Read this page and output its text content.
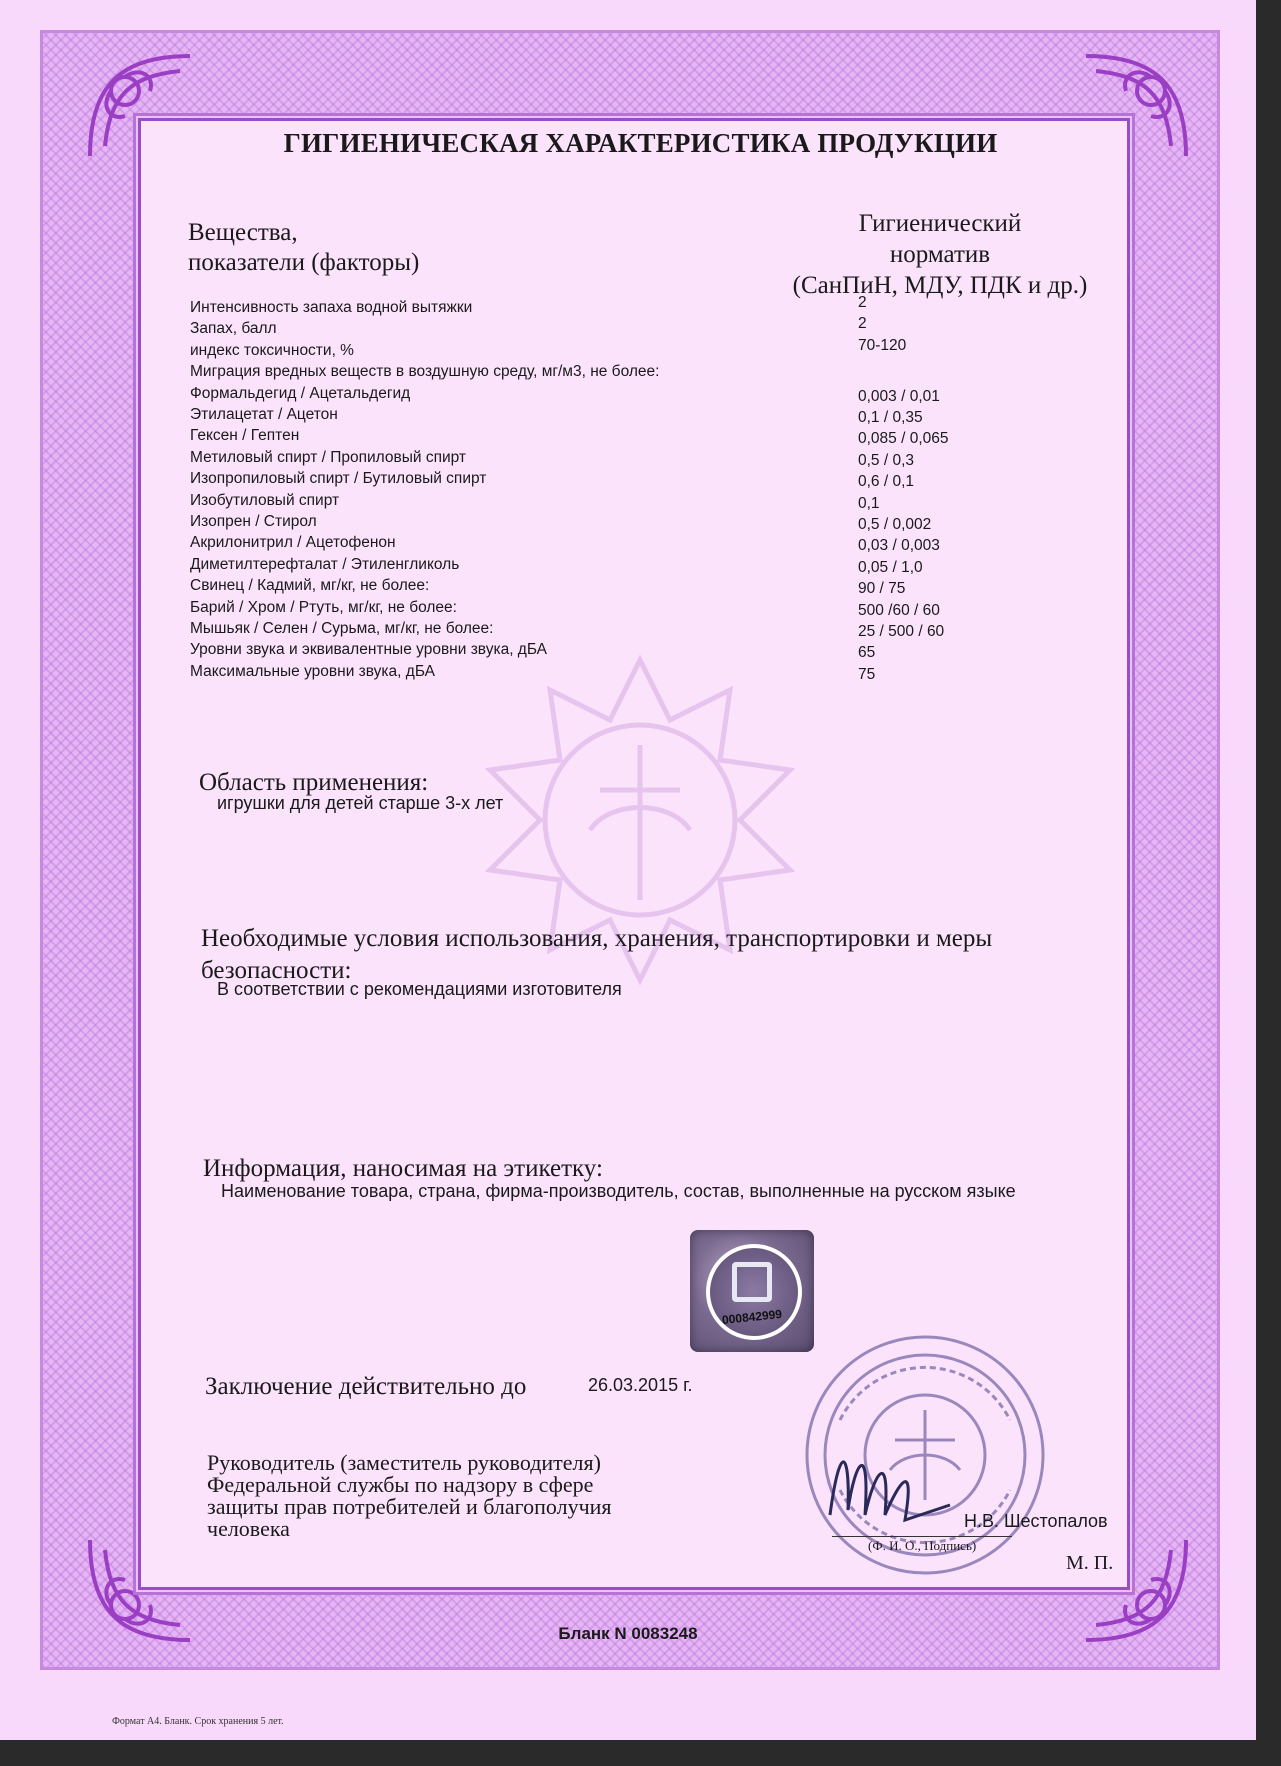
ГИГИЕНИЧЕСКАЯ ХАРАКТЕРИСТИКА ПРОДУКЦИИ
Вещества,
показатели (факторы)
Гигиенический
норматив
(СанПиН, МДУ, ПДК и др.)
Интенсивность запаха водной вытяжки	2
Запах, балл	2
индекс токсичности, %	70-120
Миграция вредных веществ в воздушную среду, мг/м3, не более:
Формальдегид / Ацетальдегид	0,003 / 0,01
Этилацетат / Ацетон	0,1 / 0,35
Гексен / Гептен	0,085 / 0,065
Метиловый спирт / Пропиловый спирт	0,5 / 0,3
Изопропиловый спирт / Бутиловый спирт	0,6 / 0,1
Изобутиловый спирт	0,1
Изопрен / Стирол	0,5 / 0,002
Акрилонитрил / Ацетофенон	0,03 / 0,003
Диметилтерефталат / Этиленгликоль	0,05 / 1,0
Свинец / Кадмий, мг/кг, не более:	90 / 75
Барий / Хром / Ртуть, мг/кг, не более:	500 /60 / 60
Мышьяк / Селен / Сурьма, мг/кг, не более:	25 / 500 / 60
Уровни звука и эквивалентные уровни звука, дБА	65
Максимальные уровни звука, дБА	75
Область применения:
игрушки для детей старше 3-х лет
Необходимые условия использования, хранения, транспортировки и меры
безопасности:
В соответствии с рекомендациями изготовителя
Информация, наносимая на этикетку:
Наименование товара, страна, фирма-производитель, состав, выполненные на русском языке
000842999
Заключение действительно до	26.03.2015 г.
Руководитель (заместитель руководителя)
Федеральной службы по надзору в сфере
защиты прав потребителей и благополучия
человека	Н.В. Шестопалов
(Ф. И. О., Подпись)
М. П.
Бланк N 0083248
Формат А4. Бланк. Срок хранения 5 лет.
